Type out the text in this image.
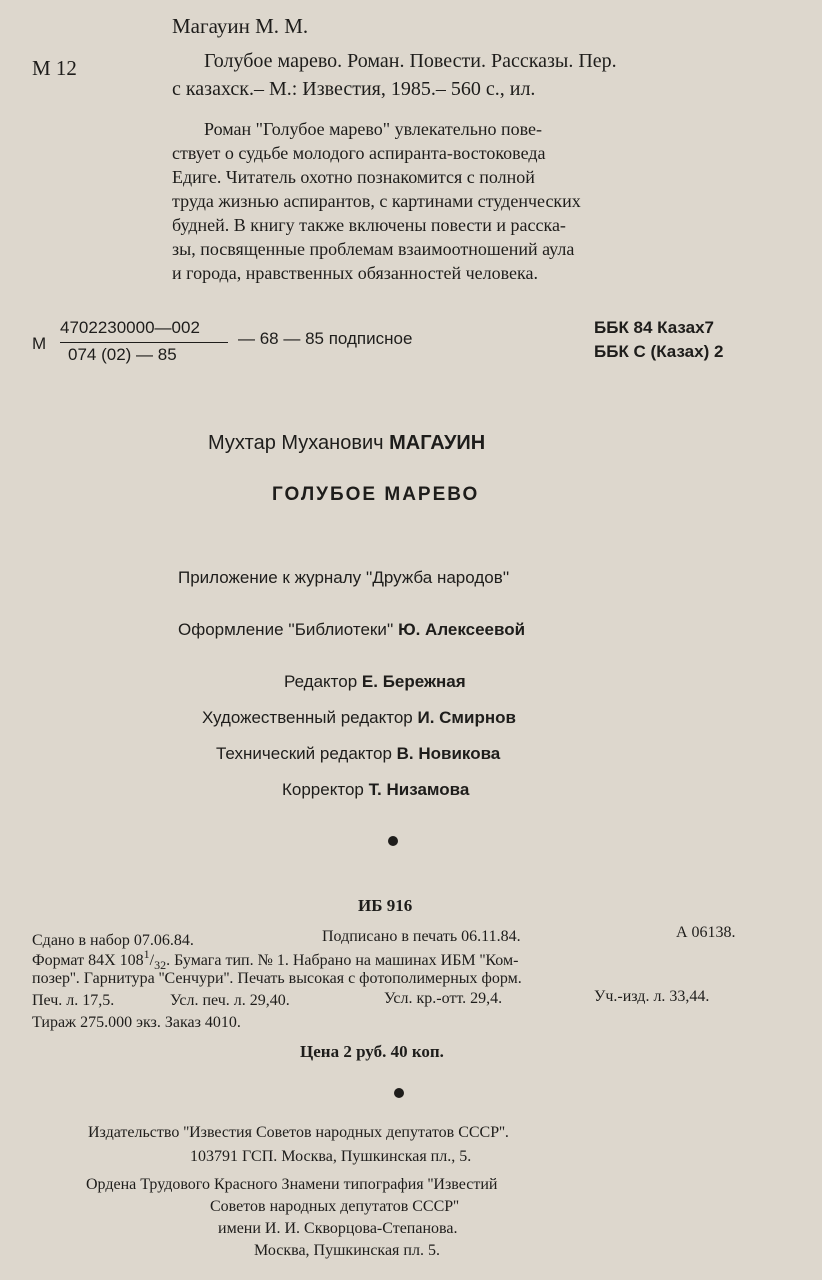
Магауин М. М.
М 12	Голубое марево. Роман. Повести. Рассказы. Пер.
с казахск.– М.: Известия, 1985.– 560 с., ил.

Роман "Голубое марево" увлекательно пове-

ствует о судьбе молодого аспиранта-востоковеда

Едиге. Читатель охотно познакомится с полной

труда жизнью аспирантов, с картинами студенческих

будней. В книгу также включены повести и расска-

зы, посвященные проблемам взаимоотношений аула

и города, нравственных обязанностей человека.

М
4702230000—002
074 (02) — 85
— 68 — 85 подписное
ББК 84 Казах7
ББК С (Казах) 2
Мухтар Муханович МАГАУИН
ГОЛУБОЕ МАРЕВО
Приложение к журналу ''Дружба народов''
Оформление ''Библиотеки'' Ю. Алексеевой
Редактор Е. Бережная
Художественный редактор И. Смирнов
Технический редактор В. Новикова
Корректор Т. Низамова
ИБ 916
Сдано в набор 07.06.84.	Подписано в печать 06.11.84.	А 06138.
Формат 84Х $108^1/_{32}$. Бумага тип. № 1. Набрано на машинах ИБМ ''Ком-
позер''. Гарнитура ''Сенчури''. Печать высокая с фотополимерных форм.
Печ. л. 17,5.	Усл. печ. л. 29,40.	Усл. кр.-отт. 29,4.	Уч.-изд. л. 33,44.
Тираж 275.000 экз. Заказ 4010.
Цена 2 руб. 40 коп.
Издательство ''Известия Советов народных депутатов СССР''.
103791 ГСП. Москва, Пушкинская пл., 5.
Ордена Трудового Красного Знамени типография ''Известий
Советов народных депутатов СССР''
имени И. И. Скворцова-Степанова.
Москва, Пушкинская пл. 5.
